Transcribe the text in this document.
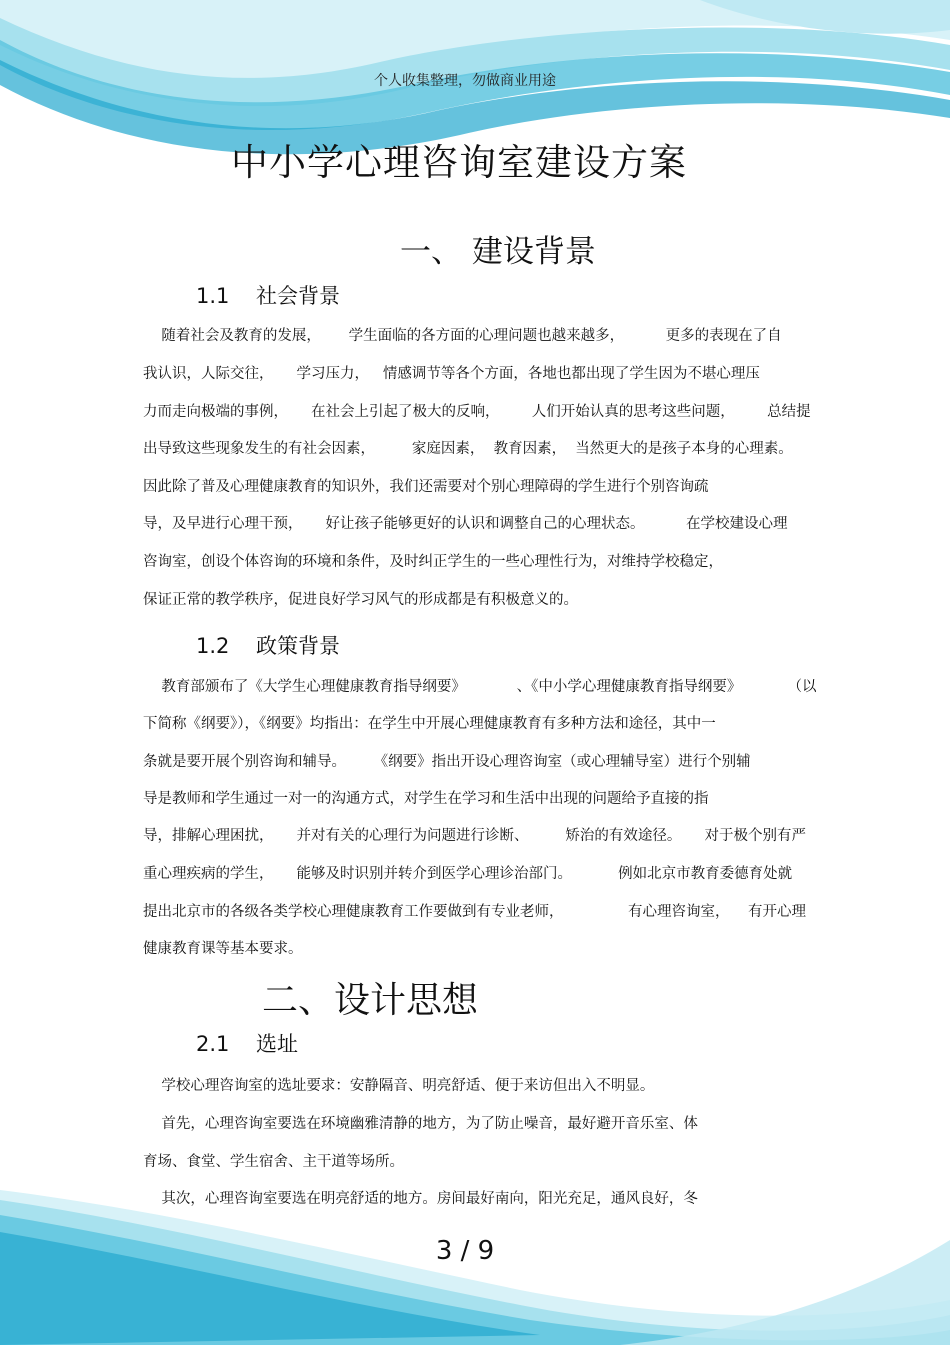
个人收集整理，勿做商业用途
中小学心理咨询室建设方案
一、 建设背景
1.1 社会背景

随着社会及教育的发展，      学生面临的各方面的心理问题也越来越多，         更多的表现在了自

我认识，人际交往，     学习压力，   情感调节等各个方面，各地也都出现了学生因为不堪心理压

力而走向极端的事例，     在社会上引起了极大的反响，       人们开始认真的思考这些问题，       总结提

出导致这些现象发生的有社会因素，        家庭因素，  教育因素，  当然更大的是孩子本身的心理素。

因此除了普及心理健康教育的知识外，我们还需要对个别心理障碍的学生进行个别咨询疏

导，及早进行心理干预，     好让孩子能够更好的认识和调整自己的心理状态。         在学校建设心理

咨询室，创设个体咨询的环境和条件，及时纠正学生的一些心理性行为，对维持学校稳定，

保证正常的教学秩序，促进良好学习风气的形成都是有积极意义的。

1.2 政策背景

教育部颁布了《大学生心理健康教育指导纲要》           、《中小学心理健康教育指导纲要》          （以

下简称《纲要》），《纲要》均指出：在学生中开展心理健康教育有多种方法和途径，其中一

条就是要开展个别咨询和辅导。      《纲要》指出开设心理咨询室（或心理辅导室）进行个别辅

导是教师和学生通过一对一的沟通方式，对学生在学习和生活中出现的问题给予直接的指

导，排解心理困扰，     并对有关的心理行为问题进行诊断、        矫治的有效途径。     对于极个别有严

重心理疾病的学生，     能够及时识别并转介到医学心理诊治部门。          例如北京市教育委德育处就

提出北京市的各级各类学校心理健康教育工作要做到有专业老师，              有心理咨询室，    有开心理

健康教育课等基本要求。

二、设计思想
2.1 选址

学校心理咨询室的选址要求：安静隔音、明亮舒适、便于来访但出入不明显。

首先，心理咨询室要选在环境幽雅清静的地方，为了防止噪音，最好避开音乐室、体

育场、食堂、学生宿舍、主干道等场所。

其次，心理咨询室要选在明亮舒适的地方。房间最好南向，阳光充足，通风良好，冬

3 / 9
